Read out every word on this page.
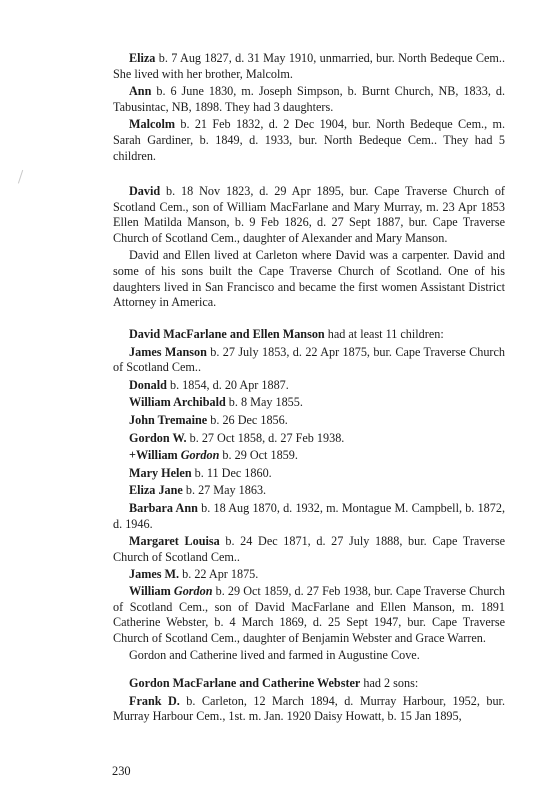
Eliza b. 7 Aug 1827, d. 31 May 1910, unmarried, bur. North Bedeque Cem.. She lived with her brother, Malcolm.

Ann b. 6 June 1830, m. Joseph Simpson, b. Burnt Church, NB, 1833, d. Tabusintac, NB, 1898. They had 3 daughters.

Malcolm b. 21 Feb 1832, d. 2 Dec 1904, bur. North Bedeque Cem., m. Sarah Gardiner, b. 1849, d. 1933, bur. North Bedeque Cem.. They had 5 children.

David b. 18 Nov 1823, d. 29 Apr 1895, bur. Cape Traverse Church of Scotland Cem., son of William MacFarlane and Mary Murray, m. 23 Apr 1853 Ellen Matilda Manson, b. 9 Feb 1826, d. 27 Sept 1887, bur. Cape Traverse Church of Scotland Cem., daughter of Alexander and Mary Manson.

David and Ellen lived at Carleton where David was a carpenter. David and some of his sons built the Cape Traverse Church of Scotland. One of his daughters lived in San Francisco and became the first women Assistant District Attorney in America.

David MacFarlane and Ellen Manson had at least 11 children:

James Manson b. 27 July 1853, d. 22 Apr 1875, bur. Cape Traverse Church of Scotland Cem..

Donald b. 1854, d. 20 Apr 1887.

William Archibald b. 8 May 1855.

John Tremaine b. 26 Dec 1856.

Gordon W. b. 27 Oct 1858, d. 27 Feb 1938.

+William Gordon b. 29 Oct 1859.

Mary Helen b. 11 Dec 1860.

Eliza Jane b. 27 May 1863.

Barbara Ann b. 18 Aug 1870, d. 1932, m. Montague M. Campbell, b. 1872, d. 1946.

Margaret Louisa b. 24 Dec 1871, d. 27 July 1888, bur. Cape Traverse Church of Scotland Cem..

James M. b. 22 Apr 1875.

William Gordon b. 29 Oct 1859, d. 27 Feb 1938, bur. Cape Traverse Church of Scotland Cem., son of David MacFarlane and Ellen Manson, m. 1891 Catherine Webster, b. 4 March 1869, d. 25 Sept 1947, bur. Cape Traverse Church of Scotland Cem., daughter of Benjamin Webster and Grace Warren.

Gordon and Catherine lived and farmed in Augustine Cove.

Gordon MacFarlane and Catherine Webster had 2 sons:

Frank D. b. Carleton, 12 March 1894, d. Murray Harbour, 1952, bur. Murray Harbour Cem., 1st. m. Jan. 1920 Daisy Howatt, b. 15 Jan 1895,

230
